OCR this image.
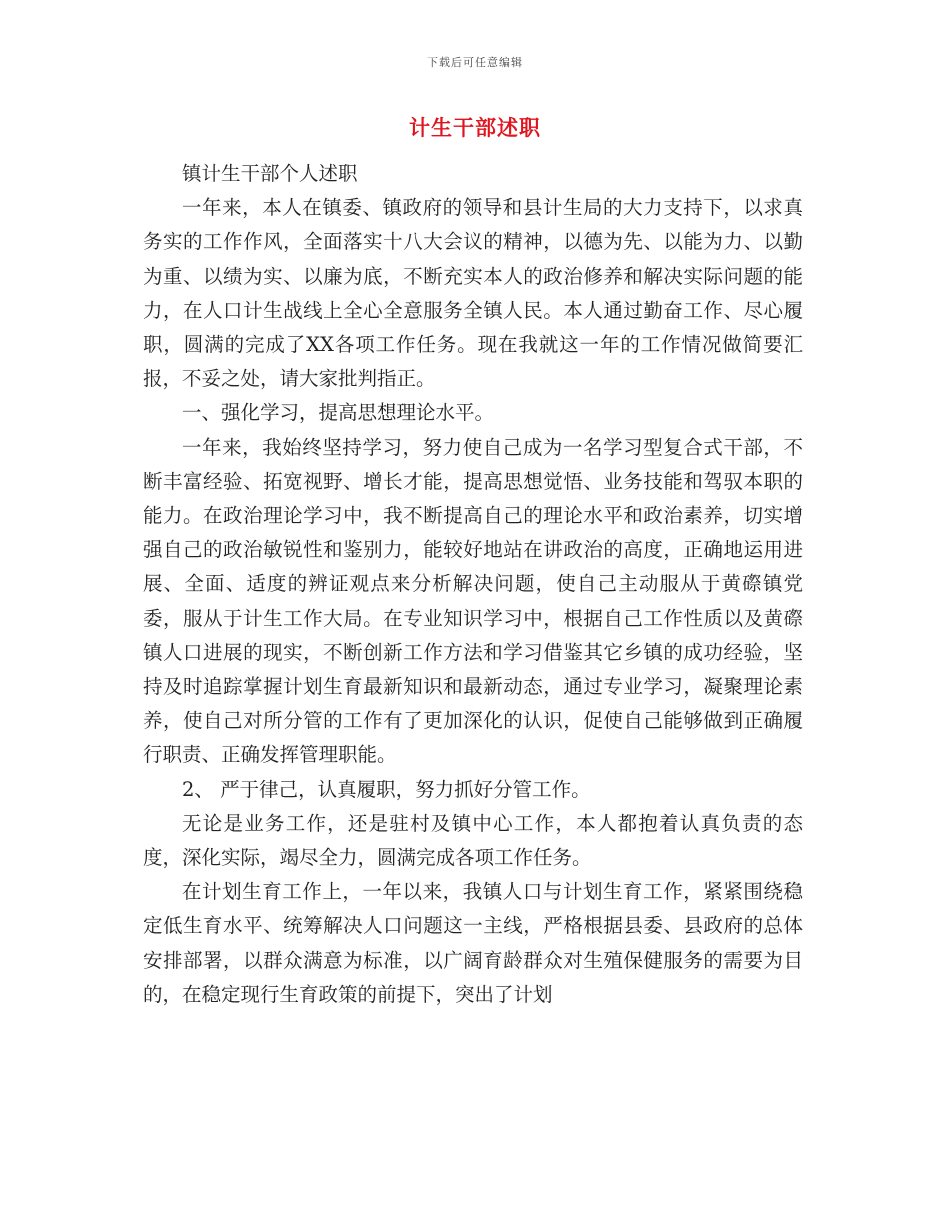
下载后可任意编辑
计生干部述职

镇计生干部个人述职

一年来，本人在镇委、镇政府的领导和县计生局的大力支持下，以求真务实的工作作风，全面落实十八大会议的精神，以德为先、以能为力、以勤为重、以绩为实、以廉为底，不断充实本人的政治修养和解决实际问题的能力，在人口计生战线上全心全意服务全镇人民。本人通过勤奋工作、尽心履职，圆满的完成了XX各项工作任务。现在我就这一年的工作情况做简要汇报，不妥之处，请大家批判指正。

一、强化学习，提高思想理论水平。

一年来，我始终坚持学习，努力使自己成为一名学习型复合式干部，不断丰富经验、拓宽视野、增长才能，提高思想觉悟、业务技能和驾驭本职的能力。在政治理论学习中，我不断提高自己的理论水平和政治素养，切实增强自己的政治敏锐性和鉴别力，能较好地站在讲政治的高度，正确地运用进展、全面、适度的辨证观点来分析解决问题，使自己主动服从于黄磜镇党委，服从于计生工作大局。在专业知识学习中，根据自己工作性质以及黄磜镇人口进展的现实，不断创新工作方法和学习借鉴其它乡镇的成功经验，坚持及时追踪掌握计划生育最新知识和最新动态，通过专业学习，凝聚理论素养，使自己对所分管的工作有了更加深化的认识，促使自己能够做到正确履行职责、正确发挥管理职能。

2、 严于律己，认真履职，努力抓好分管工作。

无论是业务工作，还是驻村及镇中心工作，本人都抱着认真负责的态度，深化实际，竭尽全力，圆满完成各项工作任务。

在计划生育工作上，一年以来，我镇人口与计划生育工作，紧紧围绕稳定低生育水平、统筹解决人口问题这一主线，严格根据县委、县政府的总体安排部署，以群众满意为标准，以广阔育龄群众对生殖保健服务的需要为目的，在稳定现行生育政策的前提下，突出了计划
